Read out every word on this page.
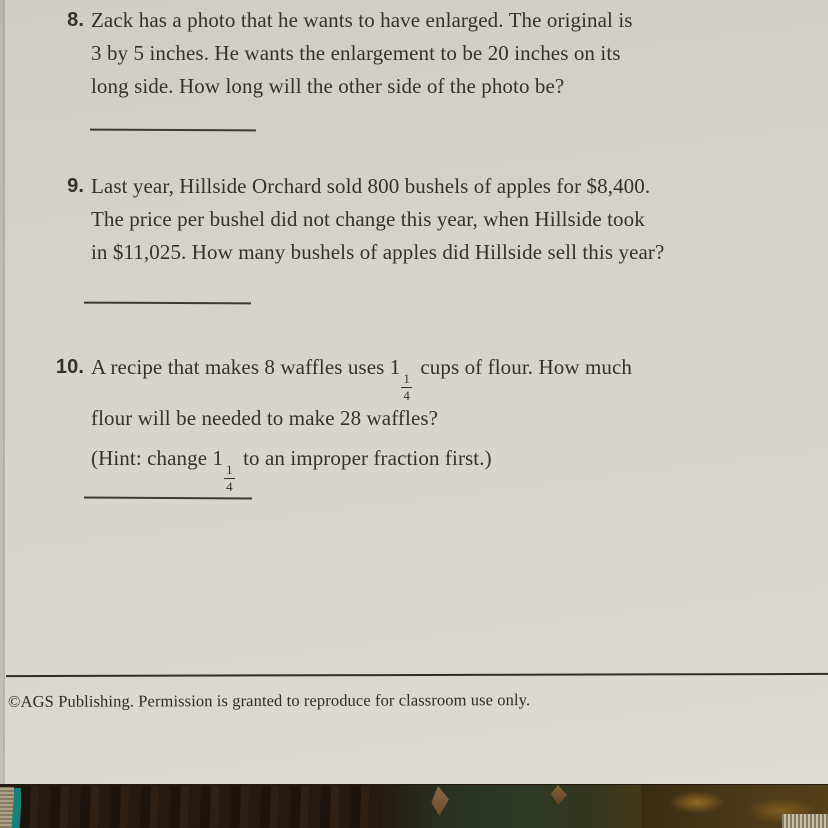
8. Zack has a photo that he wants to have enlarged. The original is
3 by 5 inches. He wants the enlargement to be 20 inches on its
long side. How long will the other side of the photo be?
9. Last year, Hillside Orchard sold 800 bushels of apples for $8,400.
The price per bushel did not change this year, when Hillside took
in $11,025. How many bushels of apples did Hillside sell this year?
10. A recipe that makes 8 waffles uses 1
$\frac{1}{4}$
cups of flour. How much
flour will be needed to make 28 waffles?
(Hint: change 1
$\frac{1}{4}$
to an improper fraction first.)
©AGS Publishing. Permission is granted to reproduce for classroom use only.
